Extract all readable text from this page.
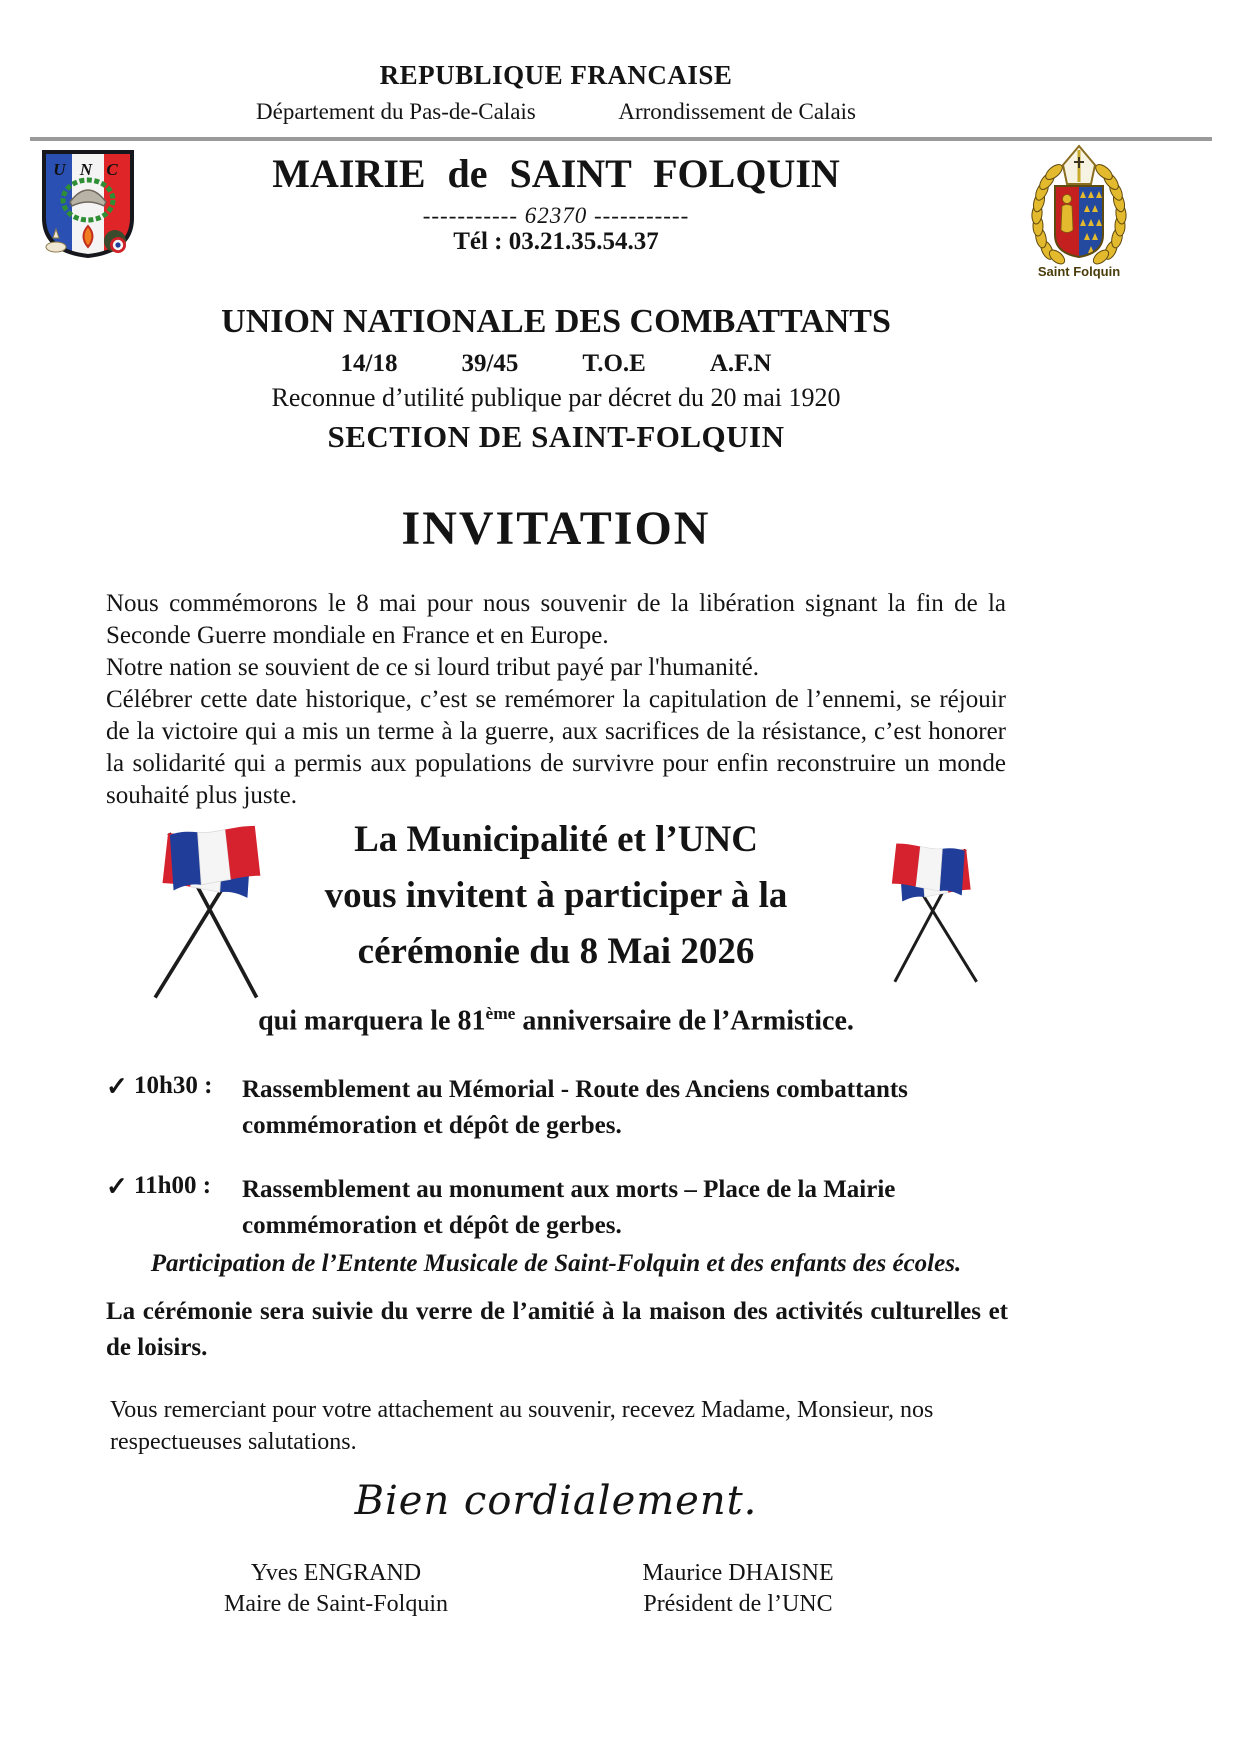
REPUBLIQUE FRANCAISE
Département du Pas-de-Calais	Arrondissement de Calais
U N C
Saint Folquin
MAIRIE de SAINT FOLQUIN
----------- 62370 -----------
Tél : 03.21.35.54.37
UNION NATIONALE DES COMBATTANTS
14/18	39/45	T.O.E	A.F.N
Reconnue d’utilité publique par décret du 20 mai 1920
SECTION DE SAINT-FOLQUIN
INVITATION

Nous commémorons le 8 mai pour nous souvenir de la libération signant la fin de la Seconde Guerre mondiale en France et en Europe.

Notre nation se souvient de ce si lourd tribut payé par l'humanité.

Célébrer cette date historique, c’est se remémorer la capitulation de l’ennemi, se réjouir de la victoire qui a mis un terme à la guerre, aux sacrifices de la résistance, c’est honorer la solidarité qui a permis aux populations de survivre pour enfin reconstruire un monde souhaité plus juste.

La Municipalité et l’UNC
vous invitent à participer à la
cérémonie du 8 Mai 2026
qui marquera le 81ème anniversaire de l’Armistice.
✓ 10h30 :	Rassemblement au Mémorial - Route des Anciens combattants
commémoration et dépôt de gerbes.
✓ 11h00 :	Rassemblement au monument aux morts – Place de la Mairie
commémoration et dépôt de gerbes.
Participation de l’Entente Musicale de Saint-Folquin et des enfants des écoles.
La cérémonie sera suivie du verre de l’amitié à la maison des activités culturelles et de loisirs.
Vous remerciant pour votre attachement au souvenir, recevez Madame, Monsieur, nos respectueuses salutations.
Bien cordialement.
Yves ENGRAND
Maire de Saint-Folquin
Maurice DHAISNE
Président de l’UNC
